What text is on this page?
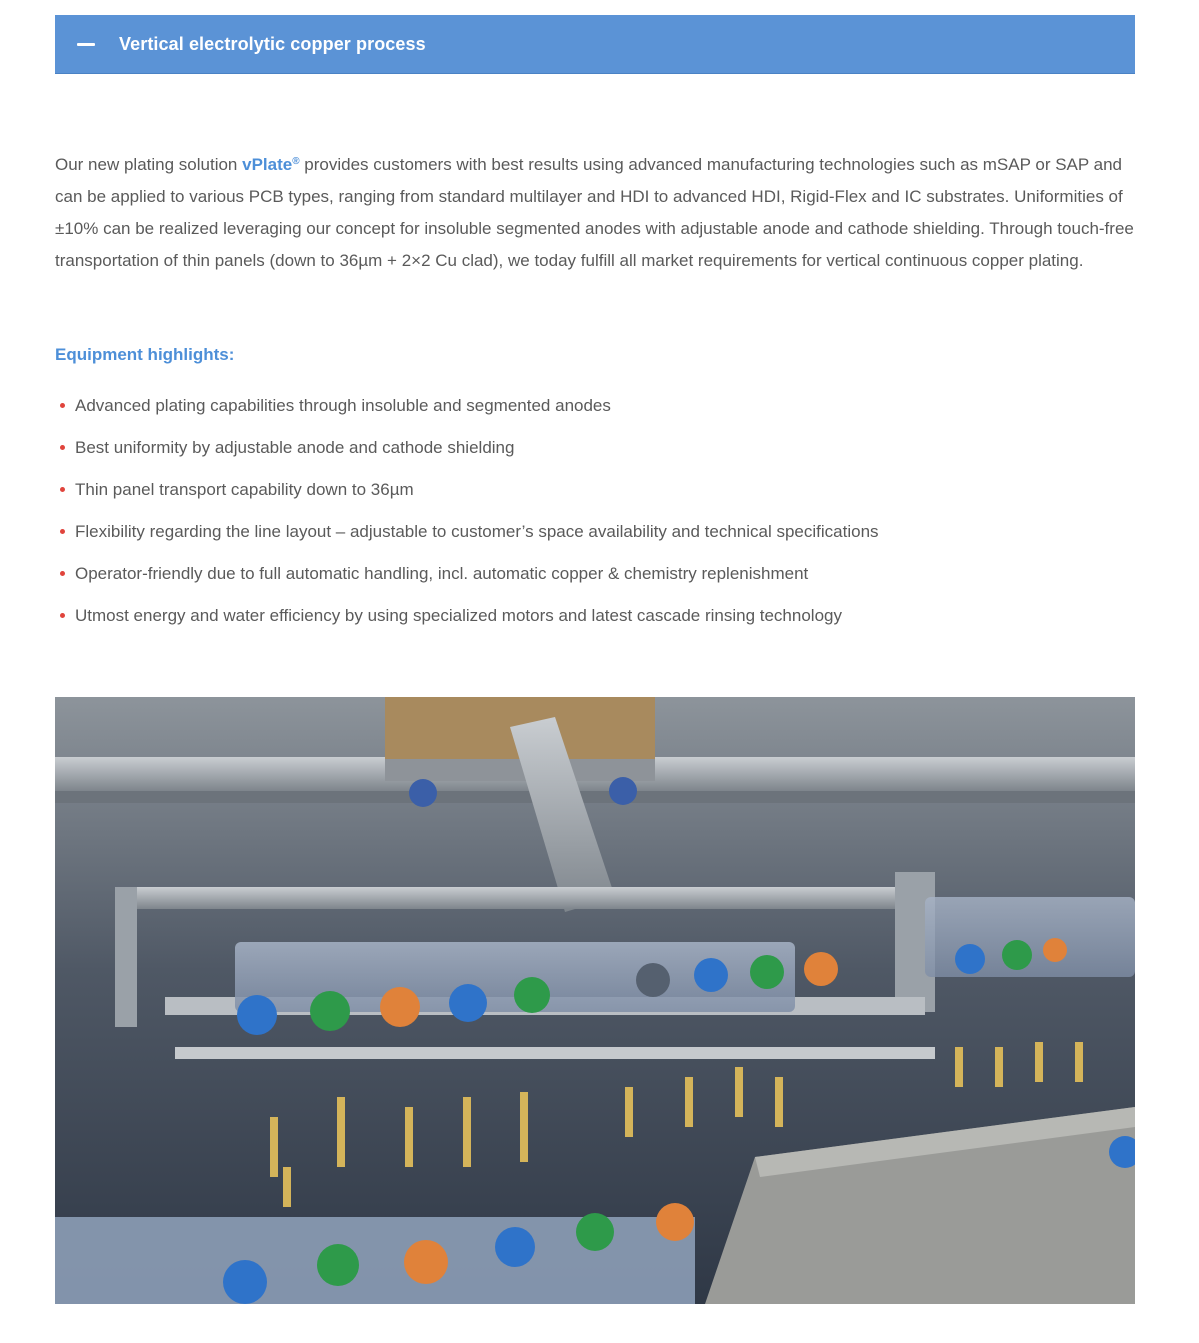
Vertical electrolytic copper process

Our new plating solution vPlate® provides customers with best results using advanced manufacturing technologies such as mSAP or SAP and can be applied to various PCB types, ranging from standard multilayer and HDI to advanced HDI, Rigid-Flex and IC substrates. Uniformities of ±10% can be realized leveraging our concept for insoluble segmented anodes with adjustable anode and cathode shielding. Through touch-free transportation of thin panels (down to 36µm + 2×2 Cu clad), we today fulfill all market requirements for vertical continuous copper plating.

Equipment highlights:
Advanced plating capabilities through insoluble and segmented anodes
Best uniformity by adjustable anode and cathode shielding
Thin panel transport capability down to 36µm
Flexibility regarding the line layout – adjustable to customer’s space availability and technical specifications
Operator-friendly due to full automatic handling, incl. automatic copper & chemistry replenishment
Utmost energy and water efficiency by using specialized motors and latest cascade rinsing technology
